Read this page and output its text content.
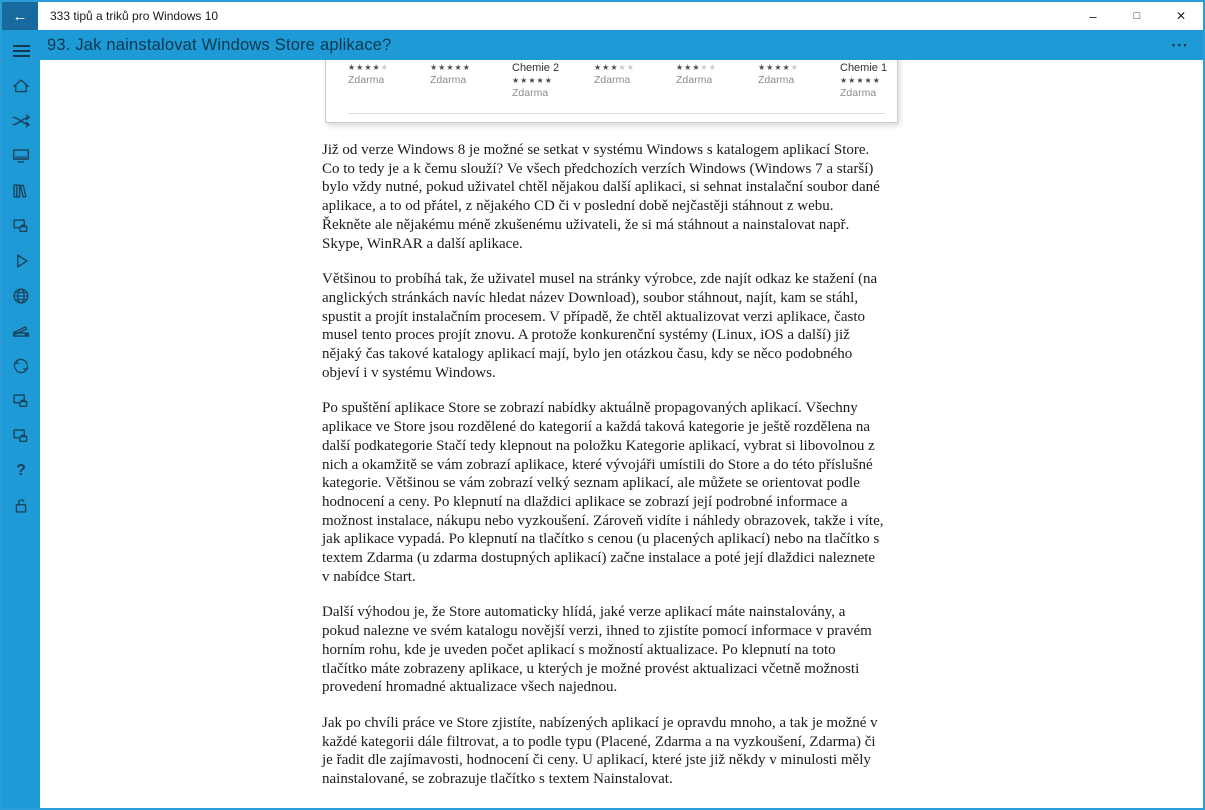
←	333 tipů a triků pro Windows 10	–	□	✕
93. Jak nainstalovat Windows Store aplikace?	•••
?
★★★★★
Zdarma
★★★★★
Zdarma
Chemie 2
★★★★★
Zdarma
★★★★★
Zdarma
★★★★★
Zdarma
★★★★★
Zdarma
Chemie 1
★★★★★
Zdarma

Již od verze Windows 8 je možné se setkat v systému Windows s katalogem aplikací Store. Co to tedy je a k čemu slouží? Ve všech předchozích verzích Windows (Windows 7 a starší) bylo vždy nutné, pokud uživatel chtěl nějakou další aplikaci, si sehnat instalační soubor dané aplikace, a to od přátel, z nějakého CD či v poslední době nejčastěji stáhnout z webu. Řekněte ale nějakému méně zkušenému uživateli, že si má stáhnout a nainstalovat např. Skype, WinRAR a další aplikace.

Většinou to probíhá tak, že uživatel musel na stránky výrobce, zde najít odkaz ke stažení (na anglických stránkách navíc hledat název Download), soubor stáhnout, najít, kam se stáhl, spustit a projít instalačním procesem. V případě, že chtěl aktualizovat verzi aplikace, často musel tento proces projít znovu. A protože konkurenční systémy (Linux, iOS a další) již nějaký čas takové katalogy aplikací mají, bylo jen otázkou času, kdy se něco podobného objeví i v systému Windows.

Po spuštění aplikace Store se zobrazí nabídky aktuálně propagovaných aplikací. Všechny aplikace ve Store jsou rozdělené do kategorií a každá taková kategorie je ještě rozdělena na další podkategorie Stačí tedy klepnout na položku Kategorie aplikací, vybrat si libovolnou z nich a okamžitě se vám zobrazí aplikace, které vývojáři umístili do Store a do této příslušné kategorie. Většinou se vám zobrazí velký seznam aplikací, ale můžete se orientovat podle hodnocení a ceny. Po klepnutí na dlaždici aplikace se zobrazí její podrobné informace a možnost instalace, nákupu nebo vyzkoušení. Zároveň vidíte i náhledy obrazovek, takže i víte, jak aplikace vypadá. Po klepnutí na tlačítko s cenou (u placených aplikací) nebo na tlačítko s textem Zdarma (u zdarma dostupných aplikací) začne instalace a poté její dlaždici naleznete v nabídce Start.

Další výhodou je, že Store automaticky hlídá, jaké verze aplikací máte nainstalovány, a pokud nalezne ve svém katalogu novější verzi, ihned to zjistíte pomocí informace v pravém horním rohu, kde je uveden počet aplikací s možností aktualizace. Po klepnutí na toto tlačítko máte zobrazeny aplikace, u kterých je možné provést aktualizaci včetně možnosti provedení hromadné aktualizace všech najednou.

Jak po chvíli práce ve Store zjistíte, nabízených aplikací je opravdu mnoho, a tak je možné v každé kategorii dále filtrovat, a to podle typu (Placené, Zdarma a na vyzkoušení, Zdarma) či je řadit dle zajímavosti, hodnocení či ceny. U aplikací, které jste již někdy v minulosti měly nainstalované, se zobrazuje tlačítko s textem Nainstalovat.
